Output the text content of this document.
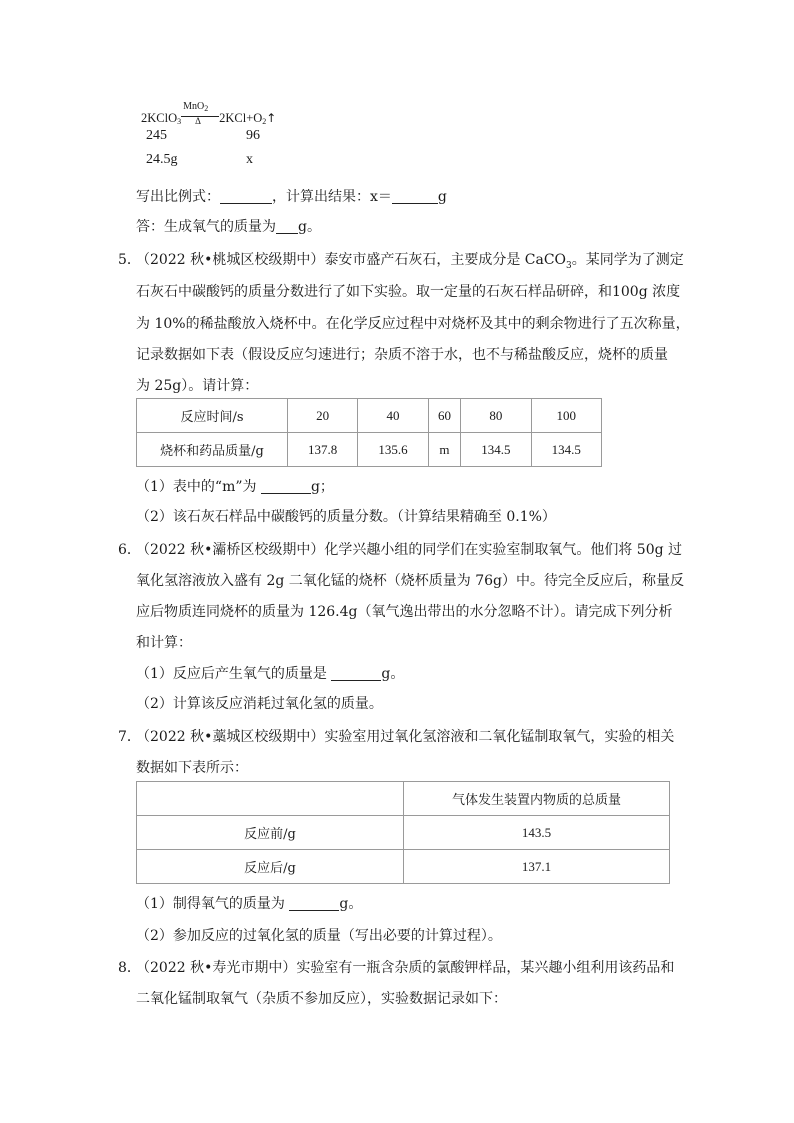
2KClO$_3$
MnO$_2$
Δ $2KCl+O_2↑$
245	96
24.5g	x
写出比例式：	，计算出结果：x＝	g
答：生成氧气的质量为 g。
5．
（2022 秋•桃城区校级期中）泰安市盛产石灰石，主要成分是 CaCO$_3$。某同学为了测定
石灰石中碳酸钙的质量分数进行了如下实验。取一定量的石灰石样品研碎，和100g 浓度
为 10%的稀盐酸放入烧杯中。在化学反应过程中对烧杯及其中的剩余物进行了五次称量，
记录数据如下表（假设反应匀速进行；杂质不溶于水，也不与稀盐酸反应，烧杯的质量
为 25g）。请计算：
反应时间/s	20	40	60	80	100
烧杯和药品质量/g	137.8	135.6	m	134.5	134.5
（1）表中的“m”为	g；
（2）该石灰石样品中碳酸钙的质量分数。（计算结果精确至 0.1%）
6．
（2022 秋•灞桥区校级期中）化学兴趣小组的同学们在实验室制取氧气。他们将 50g 过
氧化氢溶液放入盛有 2g 二氧化锰的烧杯（烧杯质量为 76g）中。待完全反应后，称量反
应后物质连同烧杯的质量为 126.4g（氧气逸出带出的水分忽略不计）。请完成下列分析
和计算：
（1）反应后产生氧气的质量是	g。
（2）计算该反应消耗过氧化氢的质量。
7．
（2022 秋•藁城区校级期中）实验室用过氧化氢溶液和二氧化锰制取氧气，实验的相关
数据如下表所示：
	气体发生装置内物质的总质量
反应前/g	143.5
反应后/g	137.1
（1）制得氧气的质量为	g。
（2）参加反应的过氧化氢的质量（写出必要的计算过程）。
8．
（2022 秋•寿光市期中）实验室有一瓶含杂质的氯酸钾样品，某兴趣小组利用该药品和
二氧化锰制取氧气（杂质不参加反应），实验数据记录如下：
